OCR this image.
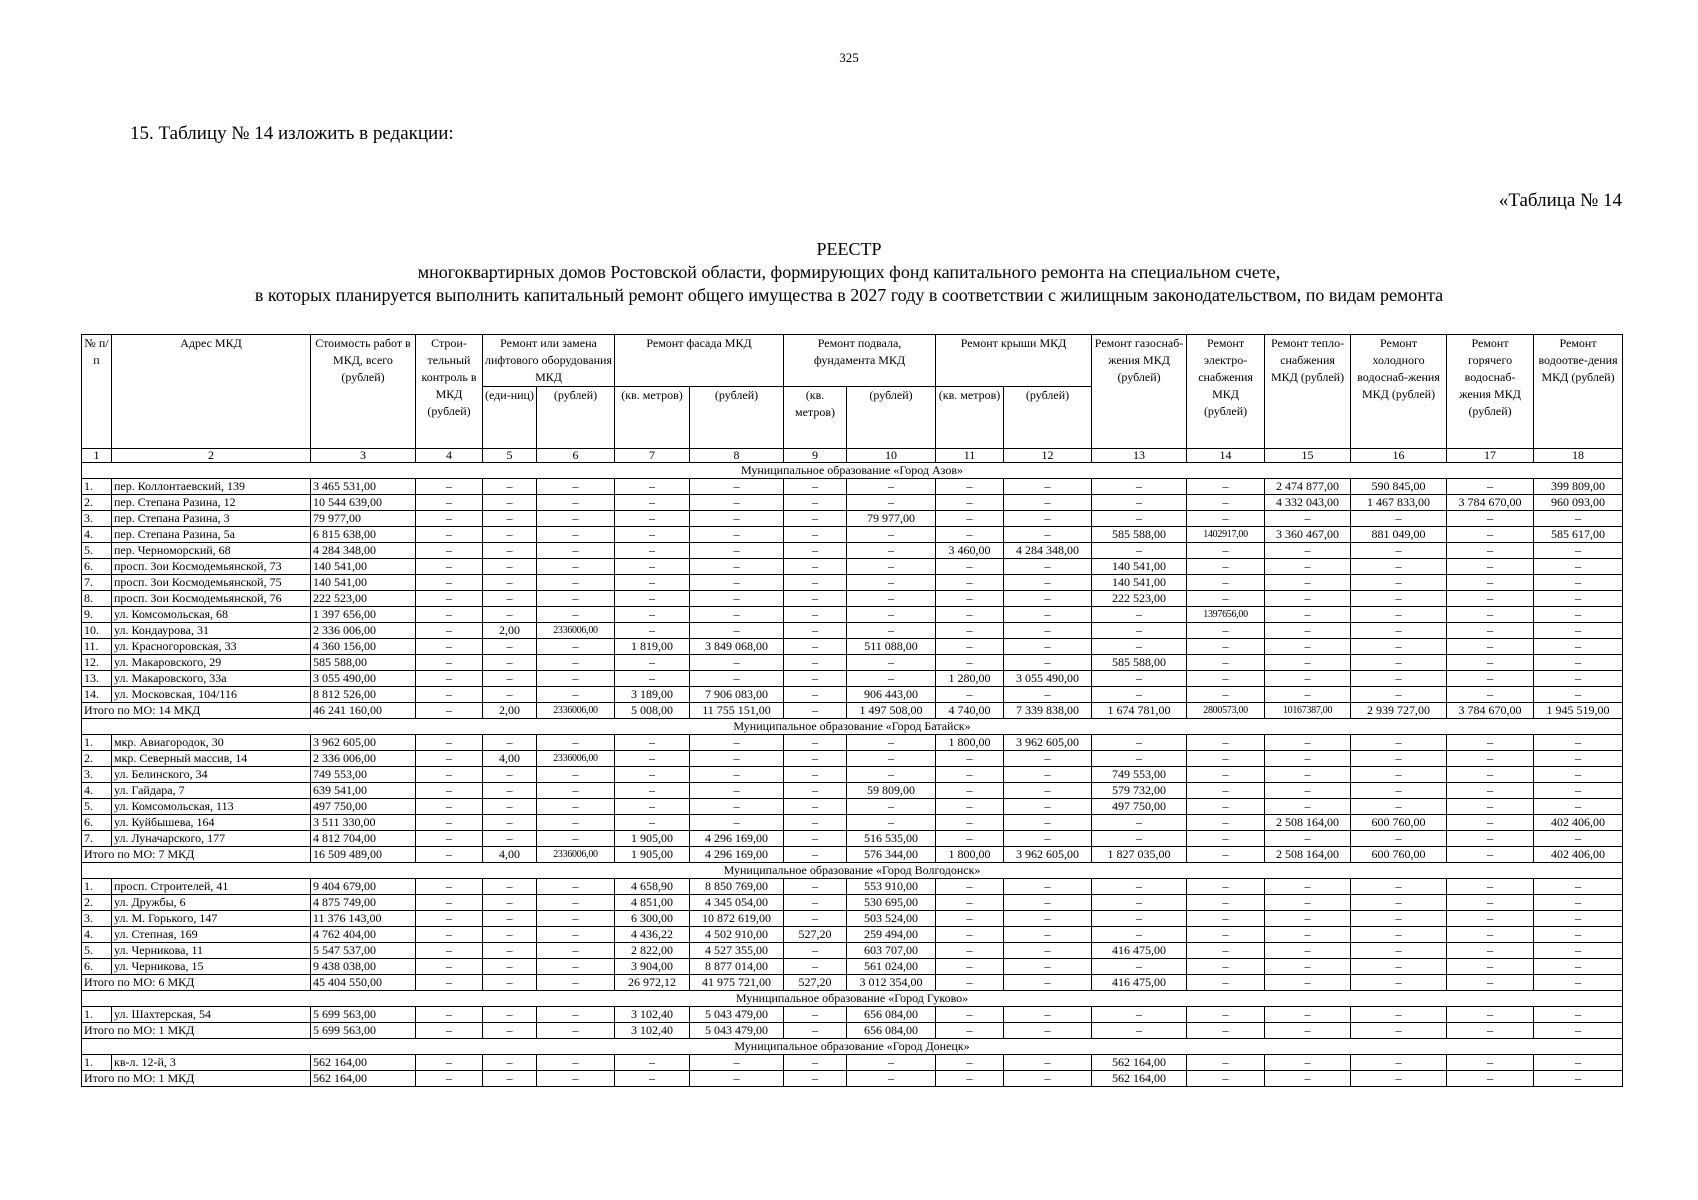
325
15. Таблицу № 14 изложить в редакции:
«Таблица № 14
РЕЕСТР
многоквартирных домов Ростовской области, формирующих фонд капитального ремонта на специальном счете,
в которых планируется выполнить капитальный ремонт общего имущества в 2027 году в соответствии с жилищным законодательством, по видам ремонта
№ п/п	Адрес МКД	Стоимость работ в МКД, всего (рублей)	Строи-тельный контроль в МКД (рублей)	Ремонт или замена лифтового оборудования МКД		Ремонт фасада МКД		Ремонт подвала, фундамента МКД		Ремонт крыши МКД		Ремонт газоснаб-жения МКД (рублей)	Ремонт электро-снабжения МКД (рублей)	Ремонт тепло-снабжения МКД (рублей)	Ремонт холодного водоснаб-жения МКД (рублей)	Ремонт горячего водоснаб-жения МКД (рублей)	Ремонт водоотве-дения МКД (рублей)
				(еди-ниц)	(рублей)	(кв. метров)	(рублей)	(кв. метров)	(рублей)	(кв. метров)	(рублей)						
1	2	3	4	5	6	7	8	9	10	11	12	13	14	15	16	17	18
Муниципальное образование «Город Азов»																	
1.	пер. Коллонтаевский, 139	3 465 531,00	–	–	–	–	–	–	–	–	–	–	–	2 474 877,00	590 845,00	–	399 809,00
2.	пер. Степана Разина, 12	10 544 639,00	–	–	–	–	–	–	–	–	–	–	–	4 332 043,00	1 467 833,00	3 784 670,00	960 093,00
3.	пер. Степана Разина, 3	79 977,00	–	–	–	–	–	–	79 977,00	–	–	–	–	–	–	–	–
4.	пер. Степана Разина, 5а	6 815 638,00	–	–	–	–	–	–	–	–	–	585 588,00	1402917,00	3 360 467,00	881 049,00	–	585 617,00
5.	пер. Черноморский, 68	4 284 348,00	–	–	–	–	–	–	–	3 460,00	4 284 348,00	–	–	–	–	–	–
6.	просп. Зои Космодемьянской, 73	140 541,00	–	–	–	–	–	–	–	–	–	140 541,00	–	–	–	–	–
7.	просп. Зои Космодемьянской, 75	140 541,00	–	–	–	–	–	–	–	–	–	140 541,00	–	–	–	–	–
8.	просп. Зои Космодемьянской, 76	222 523,00	–	–	–	–	–	–	–	–	–	222 523,00	–	–	–	–	–
9.	ул. Комсомольская, 68	1 397 656,00	–	–	–	–	–	–	–	–	–	–	1397656,00	–	–	–	–
10.	ул. Кондаурова, 31	2 336 006,00	–	2,00	2336006,00	–	–	–	–	–	–	–	–	–	–	–	–
11.	ул. Красногоровская, 33	4 360 156,00	–	–	–	1 819,00	3 849 068,00	–	511 088,00	–	–	–	–	–	–	–	–
12.	ул. Макаровского, 29	585 588,00	–	–	–	–	–	–	–	–	–	585 588,00	–	–	–	–	–
13.	ул. Макаровского, 33а	3 055 490,00	–	–	–	–	–	–	–	1 280,00	3 055 490,00	–	–	–	–	–	–
14.	ул. Московская, 104/116	8 812 526,00	–	–	–	3 189,00	7 906 083,00	–	906 443,00	–	–	–	–	–	–	–	–
Итого по МО: 14 МКД		46 241 160,00	–	2,00	2336006,00	5 008,00	11 755 151,00	–	1 497 508,00	4 740,00	7 339 838,00	1 674 781,00	2800573,00	10167387,00	2 939 727,00	3 784 670,00	1 945 519,00
Муниципальное образование «Город Батайск»																	
1.	мкр. Авиагородок, 30	3 962 605,00	–	–	–	–	–	–	–	1 800,00	3 962 605,00	–	–	–	–	–	–
2.	мкр. Северный массив, 14	2 336 006,00	–	4,00	2336006,00	–	–	–	–	–	–	–	–	–	–	–	–
3.	ул. Белинского, 34	749 553,00	–	–	–	–	–	–	–	–	–	749 553,00	–	–	–	–	–
4.	ул. Гайдара, 7	639 541,00	–	–	–	–	–	–	59 809,00	–	–	579 732,00	–	–	–	–	–
5.	ул. Комсомольская, 113	497 750,00	–	–	–	–	–	–	–	–	–	497 750,00	–	–	–	–	–
6.	ул. Куйбышева, 164	3 511 330,00	–	–	–	–	–	–	–	–	–	–	–	2 508 164,00	600 760,00	–	402 406,00
7.	ул. Луначарского, 177	4 812 704,00	–	–	–	1 905,00	4 296 169,00	–	516 535,00	–	–	–	–	–	–	–	–
Итого по МО: 7 МКД		16 509 489,00	–	4,00	2336006,00	1 905,00	4 296 169,00	–	576 344,00	1 800,00	3 962 605,00	1 827 035,00	–	2 508 164,00	600 760,00	–	402 406,00
Муниципальное образование «Город Волгодонск»																	
1.	просп. Строителей, 41	9 404 679,00	–	–	–	4 658,90	8 850 769,00	–	553 910,00	–	–	–	–	–	–	–	–
2.	ул. Дружбы, 6	4 875 749,00	–	–	–	4 851,00	4 345 054,00	–	530 695,00	–	–	–	–	–	–	–	–
3.	ул. М. Горького, 147	11 376 143,00	–	–	–	6 300,00	10 872 619,00	–	503 524,00	–	–	–	–	–	–	–	–
4.	ул. Степная, 169	4 762 404,00	–	–	–	4 436,22	4 502 910,00	527,20	259 494,00	–	–	–	–	–	–	–	–
5.	ул. Черникова, 11	5 547 537,00	–	–	–	2 822,00	4 527 355,00	–	603 707,00	–	–	416 475,00	–	–	–	–	–
6.	ул. Черникова, 15	9 438 038,00	–	–	–	3 904,00	8 877 014,00	–	561 024,00	–	–	–	–	–	–	–	–
Итого по МО: 6 МКД		45 404 550,00	–	–	–	26 972,12	41 975 721,00	527,20	3 012 354,00	–	–	416 475,00	–	–	–	–	–
Муниципальное образование «Город Гуково»																	
1.	ул. Шахтерская, 54	5 699 563,00	–	–	–	3 102,40	5 043 479,00	–	656 084,00	–	–	–	–	–	–	–	–
Итого по МО: 1 МКД		5 699 563,00	–	–	–	3 102,40	5 043 479,00	–	656 084,00	–	–	–	–	–	–	–	–
Муниципальное образование «Город Донецк»																	
1.	кв-л. 12-й, 3	562 164,00	–	–	–	–	–	–	–	–	–	562 164,00	–	–	–	–	–
Итого по МО: 1 МКД		562 164,00	–	–	–	–	–	–	–	–	–	562 164,00	–	–	–	–	–
